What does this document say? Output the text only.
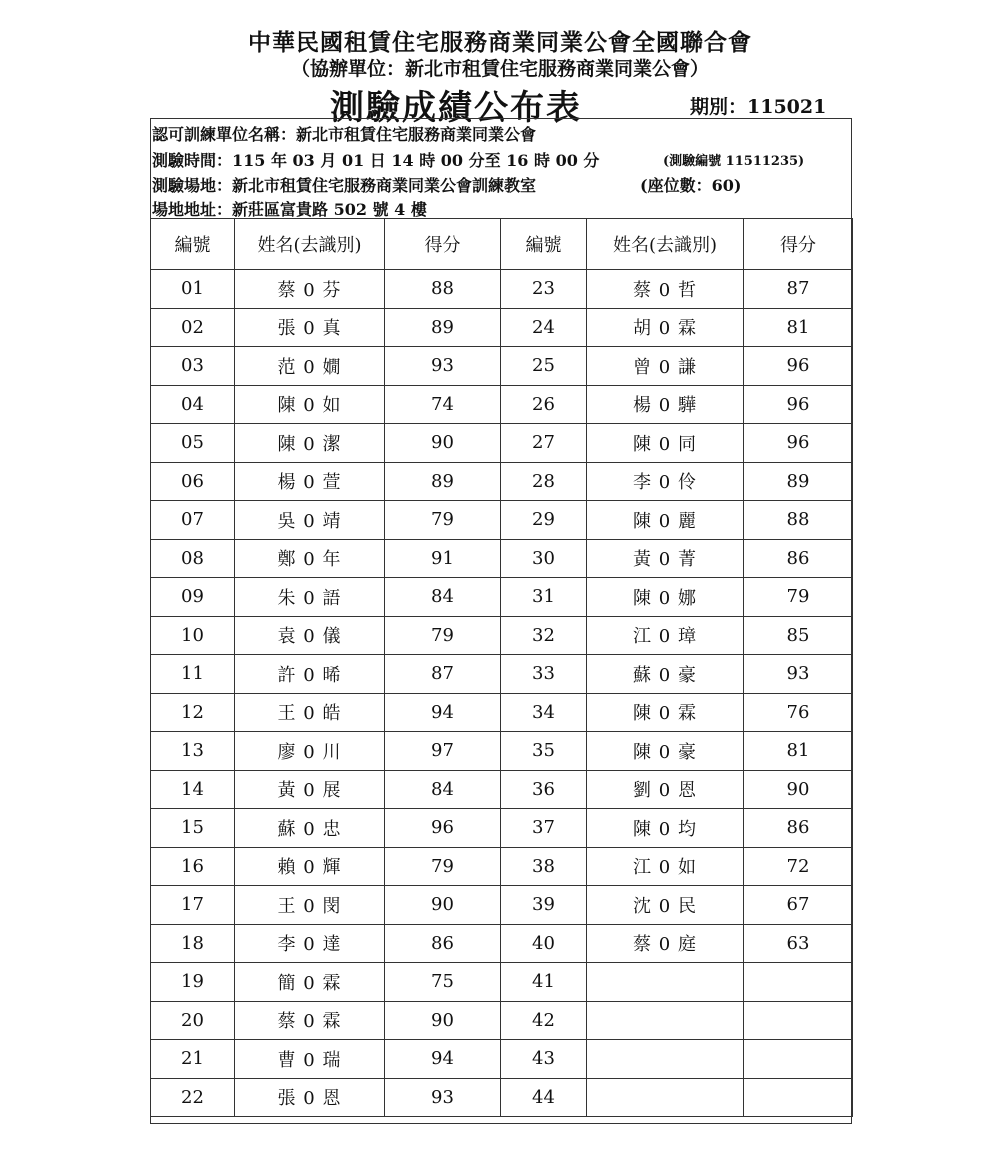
中華民國租賃住宅服務商業同業公會全國聯合會
（協辦單位：新北市租賃住宅服務商業同業公會）
測驗成績公布表	期別：115021
認可訓練單位名稱：新北市租賃住宅服務商業同業公會
測驗時間：115 年 03 月 01 日 14 時 00 分至 16 時 00 分	(測驗編號 11511235)
測驗場地：新北市租賃住宅服務商業同業公會訓練教室	(座位數：60)
場地地址：新莊區富貴路 502 號 4 樓
編號	姓名(去識別)	得分	編號	姓名(去識別)	得分
01	蔡 0 芬	88	23	蔡 0 哲	87
02	張 0 真	89	24	胡 0 霖	81
03	范 0 嫺	93	25	曾 0 謙	96
04	陳 0 如	74	26	楊 0 驊	96
05	陳 0 潔	90	27	陳 0 同	96
06	楊 0 萱	89	28	李 0 伶	89
07	吳 0 靖	79	29	陳 0 麗	88
08	鄭 0 年	91	30	黃 0 菁	86
09	朱 0 語	84	31	陳 0 娜	79
10	袁 0 儀	79	32	江 0 璋	85
11	許 0 晞	87	33	蘇 0 豪	93
12	王 0 皓	94	34	陳 0 霖	76
13	廖 0 川	97	35	陳 0 豪	81
14	黃 0 展	84	36	劉 0 恩	90
15	蘇 0 忠	96	37	陳 0 均	86
16	賴 0 輝	79	38	江 0 如	72
17	王 0 閔	90	39	沈 0 民	67
18	李 0 達	86	40	蔡 0 庭	63
19	簡 0 霖	75	41		
20	蔡 0 霖	90	42		
21	曹 0 瑞	94	43		
22	張 0 恩	93	44		
